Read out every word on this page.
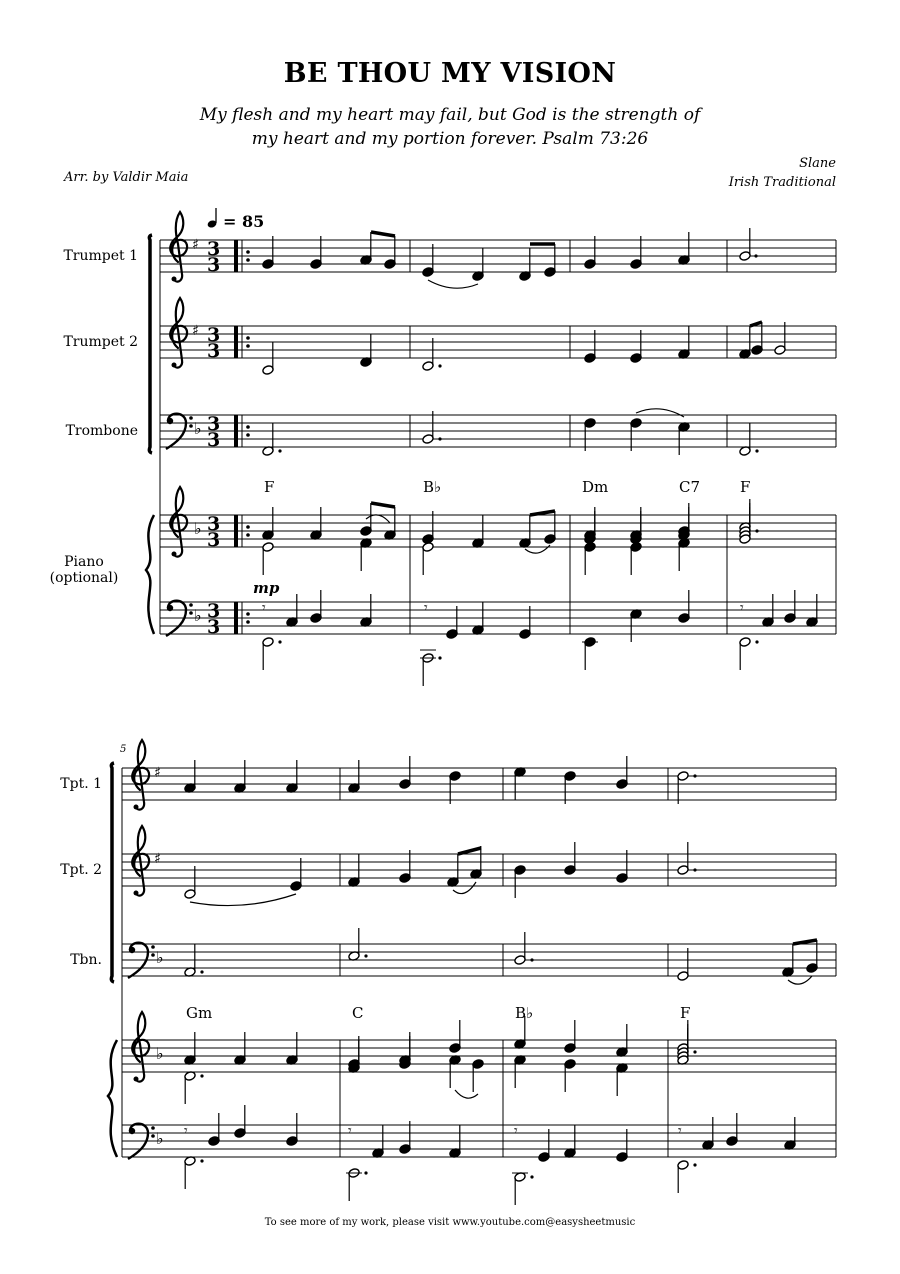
BE THOU MY VISION
My flesh and my heart may fail, but God is the strength of
my heart and my portion forever. Psalm 73:26
Arr. by Valdir Maia
Slane
Irish Traditional
Trumpet 1
Trumpet 2
Trombone
Piano
(optional)
Tpt. 1
Tpt. 2
Tbn.
♯ 3
3
♯ 3
3
♭ 3
3
♭ 3
3
♭ 3
3
𝄾	𝄾	𝄾
♯
♯
♭
♭
♭ 𝄾	𝄾	𝄾	𝄾
= 85
mp
F	B♭	Dm	C7	F
Gm	C	B♭	F
5
To see more of my work, please visit www.youtube.com@easysheetmusic
